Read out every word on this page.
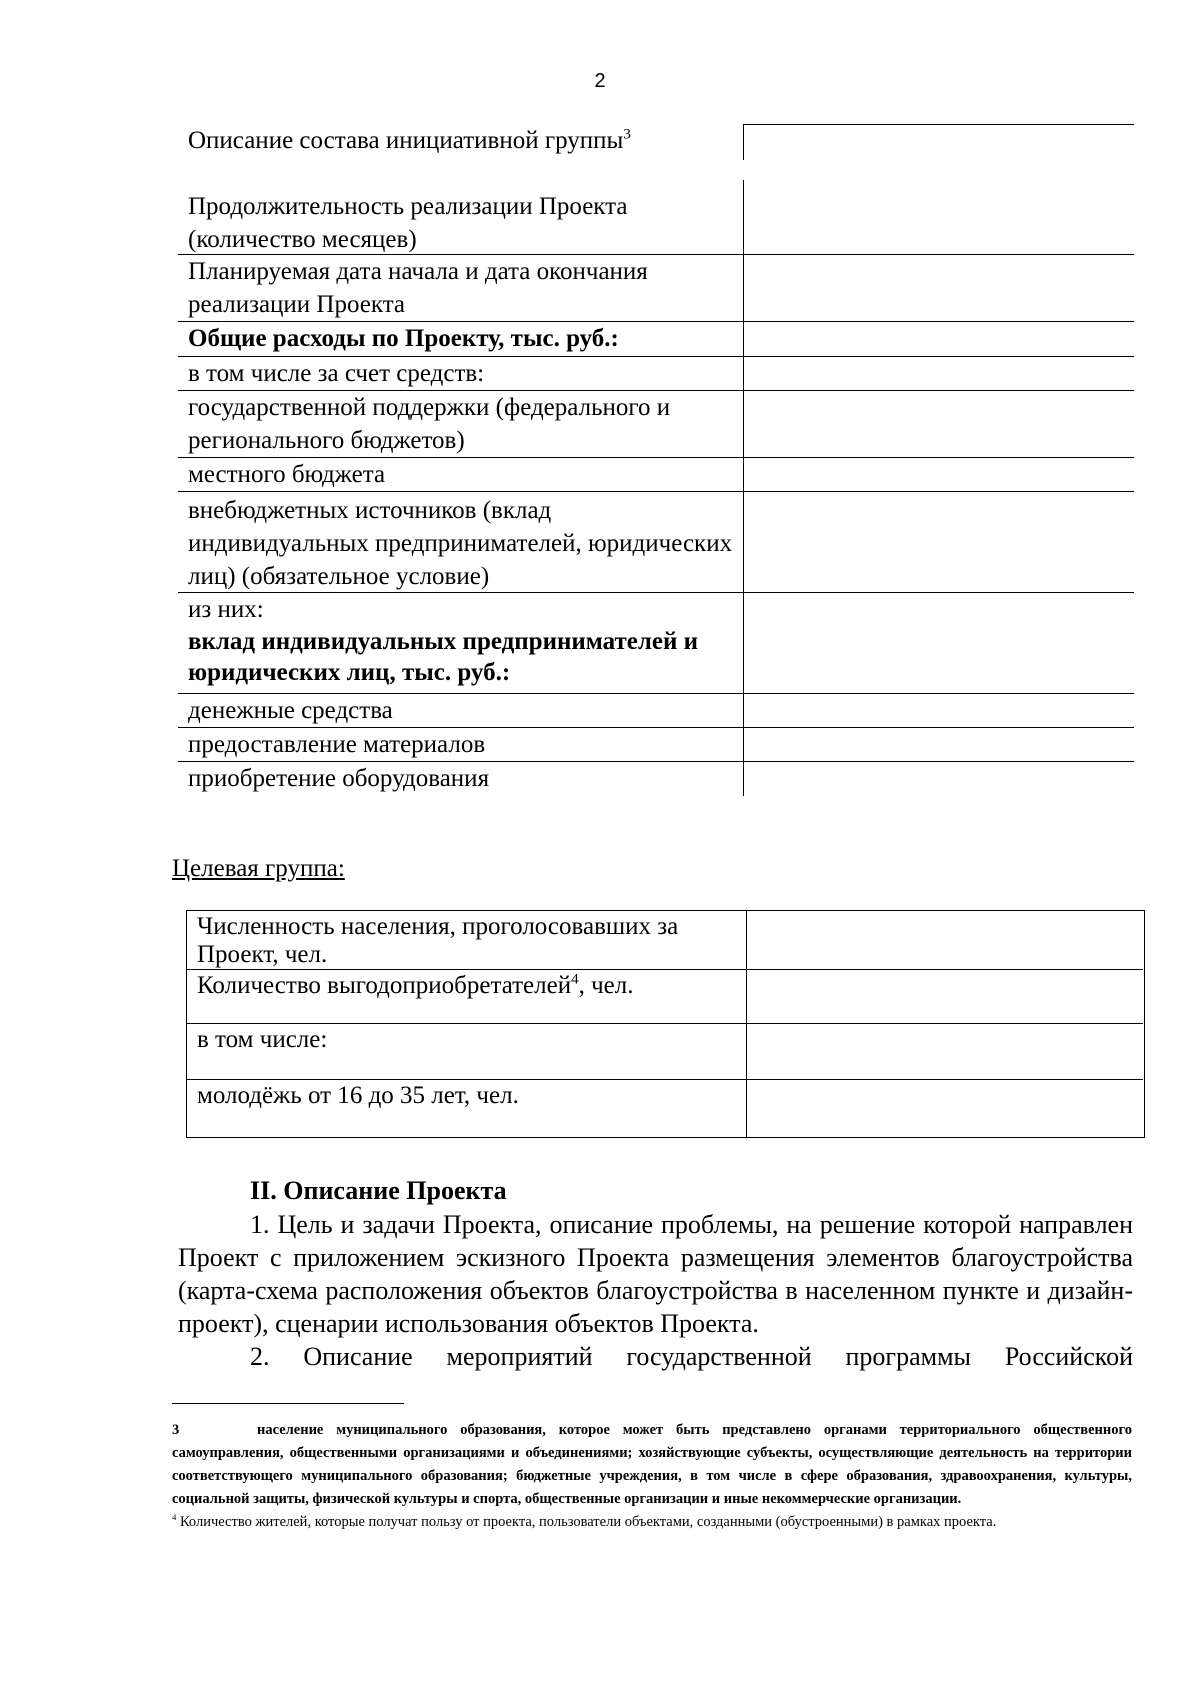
2
Описание состава инициативной группы$^3$
Продолжительность реализации Проекта (количество месяцев)
Планируемая дата начала и дата окончания реализации Проекта
Общие расходы по Проекту, тыс. руб.:
в том числе за счет средств:
государственной поддержки (федерального и регионального бюджетов)
местного бюджета
внебюджетных источников (вклад индивидуальных предпринимателей, юридических лиц) (обязательное условие)
из них:
вклад индивидуальных предпринимателей и юридических лиц, тыс. руб.:
денежные средства
предоставление материалов
приобретение оборудования
Целевая группа:
Численность населения, проголосовавших за Проект, чел.
Количество выгодоприобретателей$^4$, чел.
в том числе:
молодёжь от 16 до 35 лет, чел.
II. Описание Проекта
1. Цель и задачи Проекта, описание проблемы, на решение которой направлен Проект с приложением эскизного Проекта размещения элементов благоустройства (карта-схема расположения объектов благоустройства в населенном пункте и дизайн-проект), сценарии использования объектов Проекта.
2. Описание мероприятий государственной программы Российской
3	население муниципального образования, которое может быть представлено органами территориального общественного самоуправления, общественными организациями и объединениями; хозяйствующие субъекты, осуществляющие деятельность на территории соответствующего муниципального образования; бюджетные учреждения, в том числе в сфере образования, здравоохранения, культуры, социальной защиты, физической культуры и спорта, общественные организации и иные некоммерческие организации.
$^4$ Количество жителей, которые получат пользу от проекта, пользователи объектами, созданными (обустроенными) в рамках проекта.
